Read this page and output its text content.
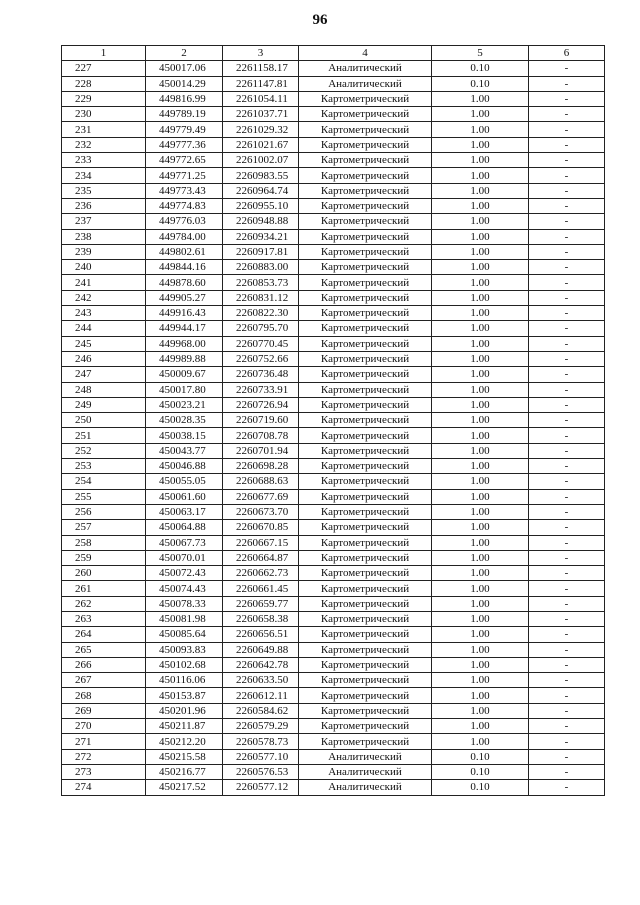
96
1	2	3	4	5	6
227	450017.06	2261158.17	Аналитический	0.10	-
228	450014.29	2261147.81	Аналитический	0.10	-
229	449816.99	2261054.11	Картометрический	1.00	-
230	449789.19	2261037.71	Картометрический	1.00	-
231	449779.49	2261029.32	Картометрический	1.00	-
232	449777.36	2261021.67	Картометрический	1.00	-
233	449772.65	2261002.07	Картометрический	1.00	-
234	449771.25	2260983.55	Картометрический	1.00	-
235	449773.43	2260964.74	Картометрический	1.00	-
236	449774.83	2260955.10	Картометрический	1.00	-
237	449776.03	2260948.88	Картометрический	1.00	-
238	449784.00	2260934.21	Картометрический	1.00	-
239	449802.61	2260917.81	Картометрический	1.00	-
240	449844.16	2260883.00	Картометрический	1.00	-
241	449878.60	2260853.73	Картометрический	1.00	-
242	449905.27	2260831.12	Картометрический	1.00	-
243	449916.43	2260822.30	Картометрический	1.00	-
244	449944.17	2260795.70	Картометрический	1.00	-
245	449968.00	2260770.45	Картометрический	1.00	-
246	449989.88	2260752.66	Картометрический	1.00	-
247	450009.67	2260736.48	Картометрический	1.00	-
248	450017.80	2260733.91	Картометрический	1.00	-
249	450023.21	2260726.94	Картометрический	1.00	-
250	450028.35	2260719.60	Картометрический	1.00	-
251	450038.15	2260708.78	Картометрический	1.00	-
252	450043.77	2260701.94	Картометрический	1.00	-
253	450046.88	2260698.28	Картометрический	1.00	-
254	450055.05	2260688.63	Картометрический	1.00	-
255	450061.60	2260677.69	Картометрический	1.00	-
256	450063.17	2260673.70	Картометрический	1.00	-
257	450064.88	2260670.85	Картометрический	1.00	-
258	450067.73	2260667.15	Картометрический	1.00	-
259	450070.01	2260664.87	Картометрический	1.00	-
260	450072.43	2260662.73	Картометрический	1.00	-
261	450074.43	2260661.45	Картометрический	1.00	-
262	450078.33	2260659.77	Картометрический	1.00	-
263	450081.98	2260658.38	Картометрический	1.00	-
264	450085.64	2260656.51	Картометрический	1.00	-
265	450093.83	2260649.88	Картометрический	1.00	-
266	450102.68	2260642.78	Картометрический	1.00	-
267	450116.06	2260633.50	Картометрический	1.00	-
268	450153.87	2260612.11	Картометрический	1.00	-
269	450201.96	2260584.62	Картометрический	1.00	-
270	450211.87	2260579.29	Картометрический	1.00	-
271	450212.20	2260578.73	Картометрический	1.00	-
272	450215.58	2260577.10	Аналитический	0.10	-
273	450216.77	2260576.53	Аналитический	0.10	-
274	450217.52	2260577.12	Аналитический	0.10	-
